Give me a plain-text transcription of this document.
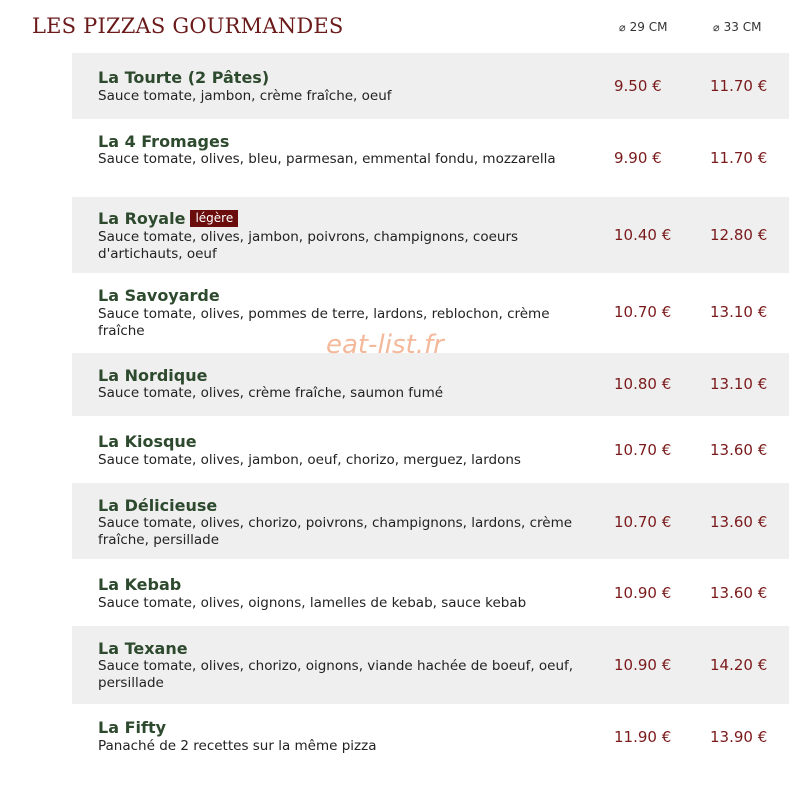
LES PIZZAS GOURMANDES	⌀ 29 CM	⌀ 33 CM
La Tourte (2 Pâtes)
Sauce tomate, jambon, crème fraîche, oeuf
9.50 €	11.70 €
La 4 Fromages
Sauce tomate, olives, bleu, parmesan, emmental fondu, mozzarella	9.90 €	11.70 €
La Royale légère
Sauce tomate, olives, jambon, poivrons, champignons, coeurs d'artichauts, oeuf
10.40 €	12.80 €
La Savoyarde
Sauce tomate, olives, pommes de terre, lardons, reblochon, crème fraîche
10.70 €	13.10 €
La Nordique
Sauce tomate, olives, crème fraîche, saumon fumé	10.80 €	13.10 €
La Kiosque
Sauce tomate, olives, jambon, oeuf, chorizo, merguez, lardons
10.70 €	13.60 €
La Délicieuse
Sauce tomate, olives, chorizo, poivrons, champignons, lardons, crème fraîche, persillade
10.70 €	13.60 €
La Kebab
Sauce tomate, olives, oignons, lamelles de kebab, sauce kebab
10.90 €	13.60 €
La Texane
Sauce tomate, olives, chorizo, oignons, viande hachée de boeuf, oeuf, persillade
10.90 €	14.20 €
La Fifty
Panaché de 2 recettes sur la même pizza	11.90 €	13.90 €
eat-list.fr
